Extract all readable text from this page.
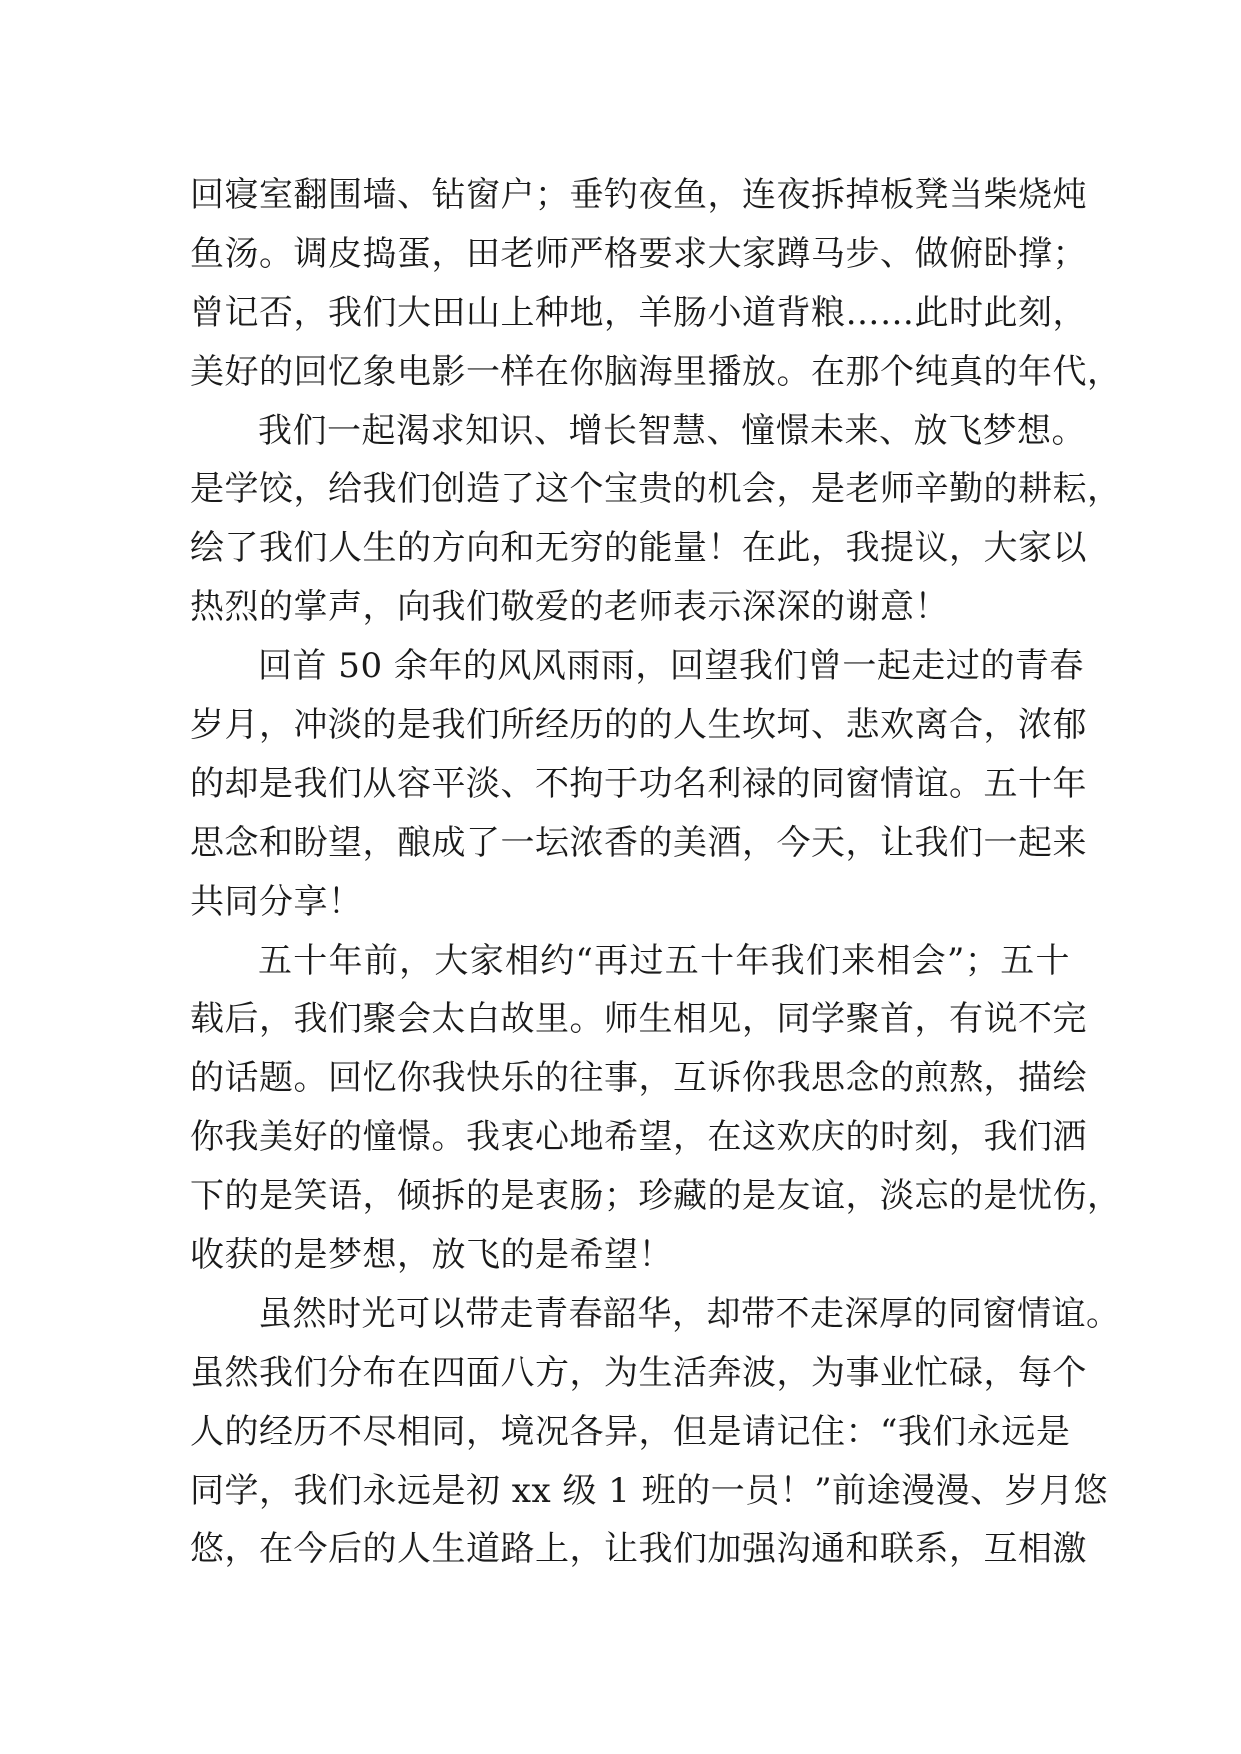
回寝室翻围墙、钻窗户；垂钓夜鱼，连夜拆掉板凳当柴烧炖
鱼汤。调皮捣蛋，田老师严格要求大家蹲马步、做俯卧撑；
曾记否，我们大田山上种地，羊肠小道背粮……此时此刻，
美好的回忆象电影一样在你脑海里播放。在那个纯真的年代，
我们一起渴求知识、增长智慧、憧憬未来、放飞梦想。
是学饺，给我们创造了这个宝贵的机会，是老师辛勤的耕耘，
绘了我们人生的方向和无穷的能量！在此，我提议，大家以
热烈的掌声，向我们敬爱的老师表示深深的谢意！
回首 50 余年的风风雨雨，回望我们曾一起走过的青春
岁月，冲淡的是我们所经历的的人生坎坷、悲欢离合，浓郁
的却是我们从容平淡、不拘于功名利禄的同窗情谊。五十年
思念和盼望，酿成了一坛浓香的美酒，今天，让我们一起来
共同分享！
五十年前，大家相约“再过五十年我们来相会”；五十
载后，我们聚会太白故里。师生相见，同学聚首，有说不完
的话题。回忆你我快乐的往事，互诉你我思念的煎熬，描绘
你我美好的憧憬。我衷心地希望，在这欢庆的时刻，我们洒
下的是笑语，倾拆的是衷肠；珍藏的是友谊，淡忘的是忧伤，
收获的是梦想，放飞的是希望！
虽然时光可以带走青春韶华，却带不走深厚的同窗情谊。
虽然我们分布在四面八方，为生活奔波，为事业忙碌，每个
人的经历不尽相同，境况各异，但是请记住：“我们永远是
同学，我们永远是初 xx 级 1 班的一员！”前途漫漫、岁月悠
悠，在今后的人生道路上，让我们加强沟通和联系，互相激
